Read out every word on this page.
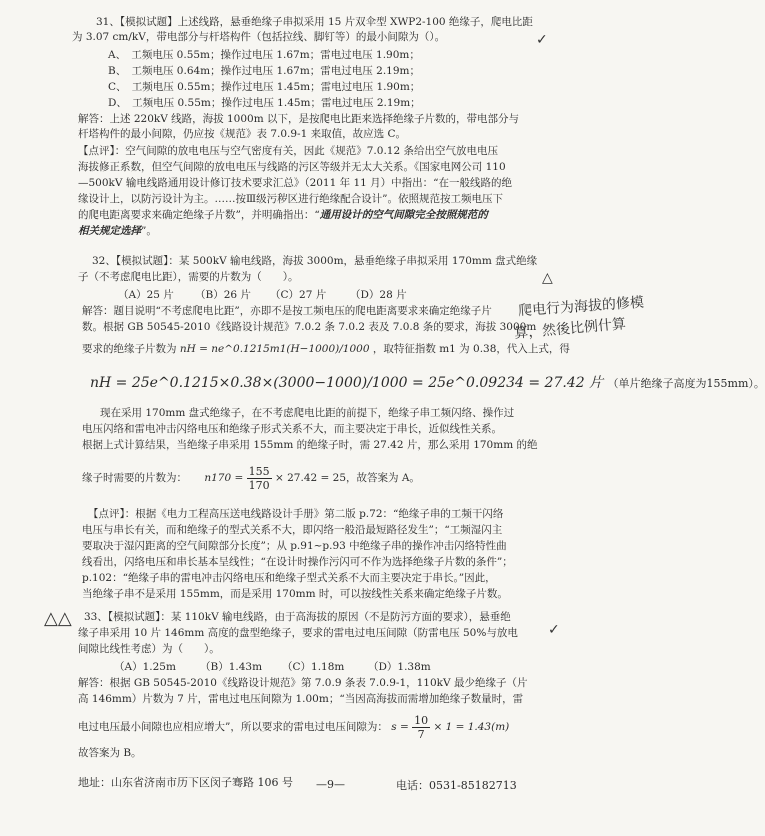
31、【模拟试题】上述线路，悬垂绝缘子串拟采用 15 片双伞型 XWP2-100 绝缘子，爬电比距
为 3.07 cm/kV，带电部分与杆塔构件（包括拉线、脚钉等）的最小间隙为（）。	✓
A、　工频电压 0.55m；操作过电压 1.67m；雷电过电压 1.90m；
B、　工频电压 0.64m；操作过电压 1.67m；雷电过电压 2.19m；
C、　工频电压 0.55m；操作过电压 1.45m；雷电过电压 1.90m；
D、　工频电压 0.55m；操作过电压 1.45m；雷电过电压 2.19m；
解答：上述 220kV 线路，海拔 1000m 以下，是按爬电比距来选择绝缘子片数的，带电部分与
杆塔构件的最小间隙，仍应按《规范》表 7.0.9-1 来取值，故应选 C。
【点评】：空气间隙的放电电压与空气密度有关，因此《规范》7.0.12 条给出空气放电电压
海拔修正系数，但空气间隙的放电电压与线路的污区等级并无太大关系。《国家电网公司 110
—500kV 输电线路通用设计修订技术要求汇总》（2011 年 11 月）中指出：“在一般线路的绝
缘设计上，以防污设计为主。……按Ⅲ级污秽区进行绝缘配合设计”。依照规范按工频电压下
的爬电距离要求来确定绝缘子片数”，并明确指出：“通用设计的空气间隙完全按照规范的
相关规定选择”。
32、【模拟试题】：某 500kV 输电线路，海拔 3000m，悬垂绝缘子串拟采用 170mm 盘式绝缘
子（不考虑爬电比距），需要的片数为（　　）。	△
（A）25 片 （B）26 片 （C）27 片 （D）28 片	爬电行为海拔的修模
算，然後比例什算
解答：题目说明“不考虑爬电比距”，亦即不是按工频电压的爬电距离要求来确定绝缘子片
数。根据 GB 50545-2010《线路设计规范》7.0.2 条 7.0.2 表及 7.0.8 条的要求，海拔 3000m
要求的绝缘子片数为 nH = ne^0.1215m1(H−1000)/1000 ，取特征指数 m1 为 0.38，代入上式，得
nH = 25e^0.1215×0.38×(3000−1000)/1000 = 25e^0.09234 = 27.42 片 （单片绝缘子高度为155mm）。
现在采用 170mm 盘式绝缘子，在不考虑爬电比距的前提下，绝缘子串工频闪络、操作过
电压闪络和雷电冲击闪络电压和绝缘子形式关系不大，而主要决定于串长，近似线性关系。
根据上式计算结果，当绝缘子串采用 155mm 的绝缘子时，需 27.42 片，那么采用 170mm 的绝
缘子时需要的片数为： $n170 = \frac{155}{170} \times 27.42 = 25$，故答案为 A。
【点评】：根据《电力工程高压送电线路设计手册》第二版 p.72：“绝缘子串的工频干闪络
电压与串长有关，而和绝缘子的型式关系不大，即闪络一般沿最短路径发生”；“工频湿闪主
要取决于湿闪距离的空气间隙部分长度”；从 p.91~p.93 中绝缘子串的操作冲击闪络特性曲
线看出，闪络电压和串长基本呈线性；“在设计时操作污闪可不作为选择绝缘子片数的条件”；
p.102：“绝缘子串的雷电冲击闪络电压和绝缘子型式关系不大而主要决定于串长。”因此，
当绝缘子串不是采用 155mm，而是采用 170mm 时，可以按线性关系来确定绝缘子片数。
△△ 33、【模拟试题】：某 110kV 输电线路，由于高海拔的原因（不是防污方面的要求），悬垂绝
缘子串采用 10 片 146mm 高度的盘型绝缘子，要求的雷电过电压间隙（防雷电压 50%与放电 ✓
间隙比线性考虑）为（　　）。
（A）1.25m （B）1.43m （C）1.18m （D）1.38m
解答：根据 GB 50545-2010《线路设计规范》第 7.0.9 条表 7.0.9-1，110kV 最少绝缘子（片
高 146mm）片数为 7 片，雷电过电压间隙为 1.00m；“当因高海拔而需增加绝缘子数量时，雷
电过电压最小间隙也应相应增大”，所以要求的雷电过电压间隙为： $s = \frac{10}{7} \times 1 = 1.43(m)$
故答案为 B。
地址：山东省济南市历下区闵子骞路 106 号 —9—	电话：0531-85182713
